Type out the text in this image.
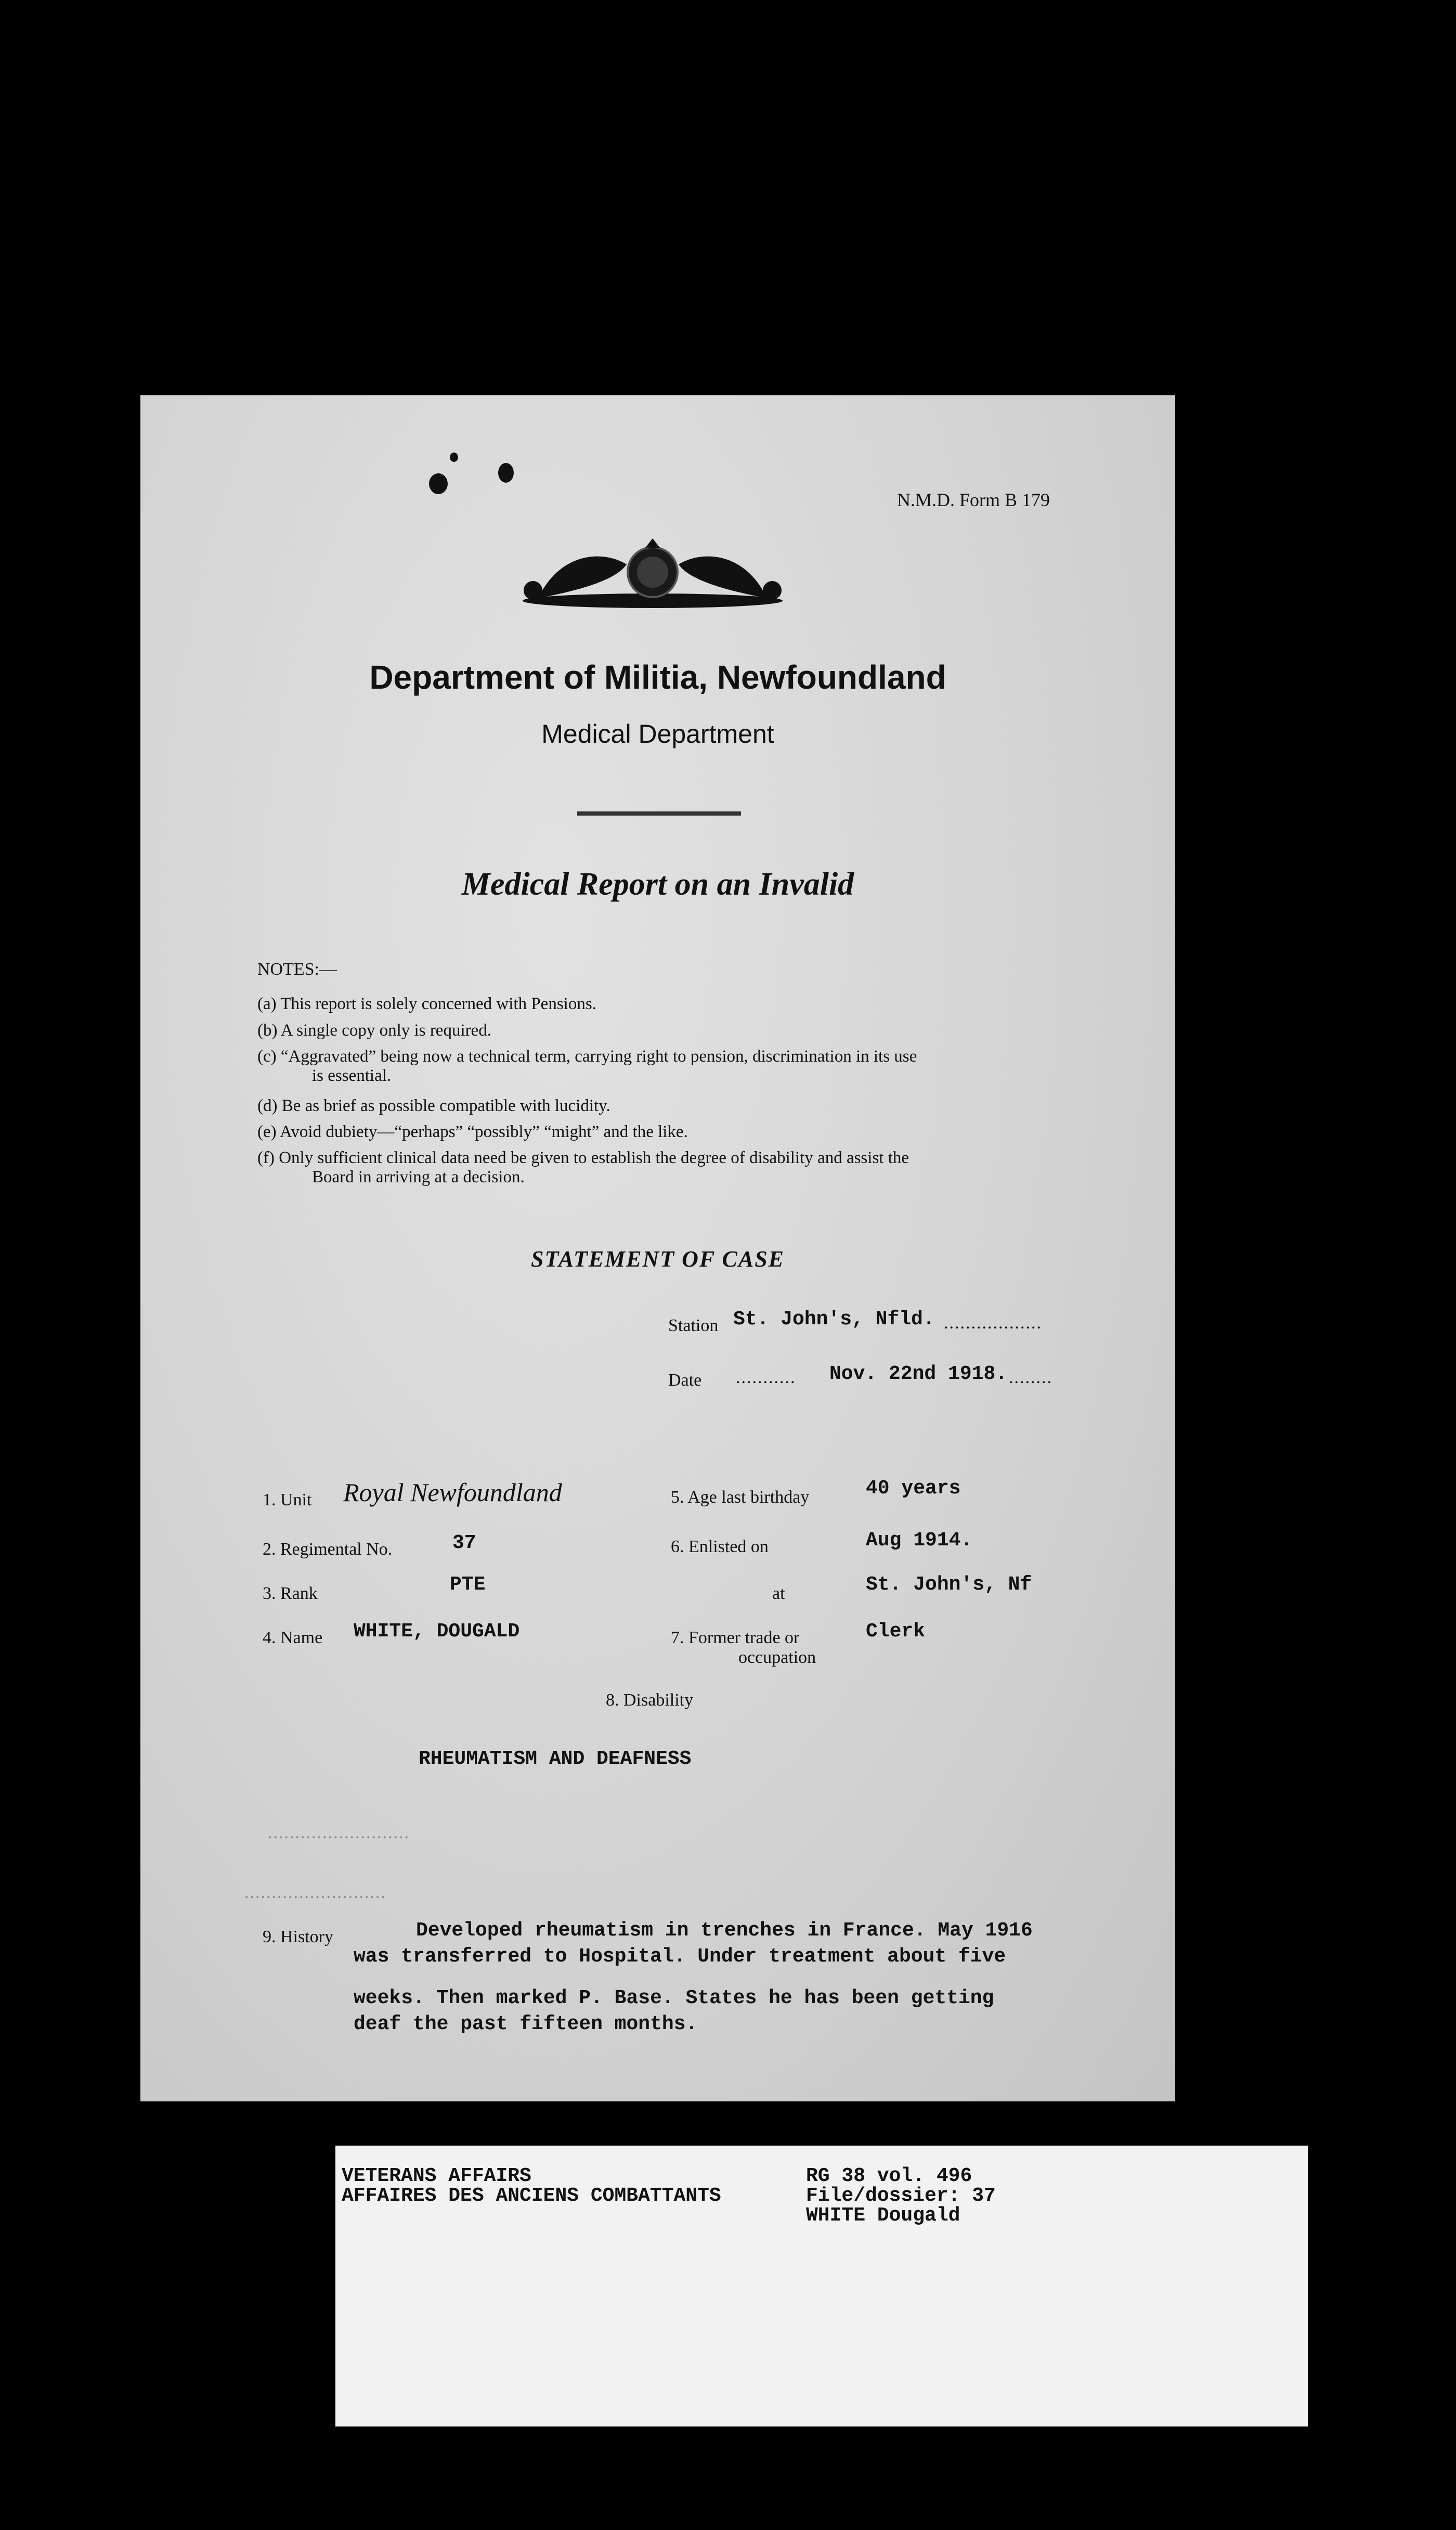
N.M.D. Form B 179
Department of Militia, Newfoundland
Medical Department
Medical Report on an Invalid
NOTES:—
(a) This report is solely concerned with Pensions.
(b) A single copy only is required.
(c) “Aggravated” being now a technical term, carrying right to pension, discrimination in its use
is essential.
(d) Be as brief as possible compatible with lucidity.
(e) Avoid dubiety—“perhaps” “possibly” “might” and the like.
(f) Only sufficient clinical data need be given to establish the degree of disability and assist the
Board in arriving at a decision.
STATEMENT OF CASE
Station St. John's, Nfld. ..................
Date ........... Nov. 22nd 1918. ........
1. Unit Royal Newfoundland
2. Regimental No.	37
3. Rank	PTE
4. Name WHITE, DOUGALD
5. Age last birthday	40 years
6. Enlisted on	Aug 1914.
at	St. John's, Nf
7. Former trade or
occupation
Clerk
8. Disability
RHEUMATISM AND DEAFNESS
..........................
..........................
9. History	Developed rheumatism in trenches in France. May 1916
was transferred to Hospital. Under treatment about five
weeks. Then marked P. Base. States he has been getting
deaf the past fifteen months.
VETERANS AFFAIRS
AFFAIRES DES ANCIENS COMBATTANTS
RG 38 vol. 496
File/dossier: 37
WHITE Dougald
